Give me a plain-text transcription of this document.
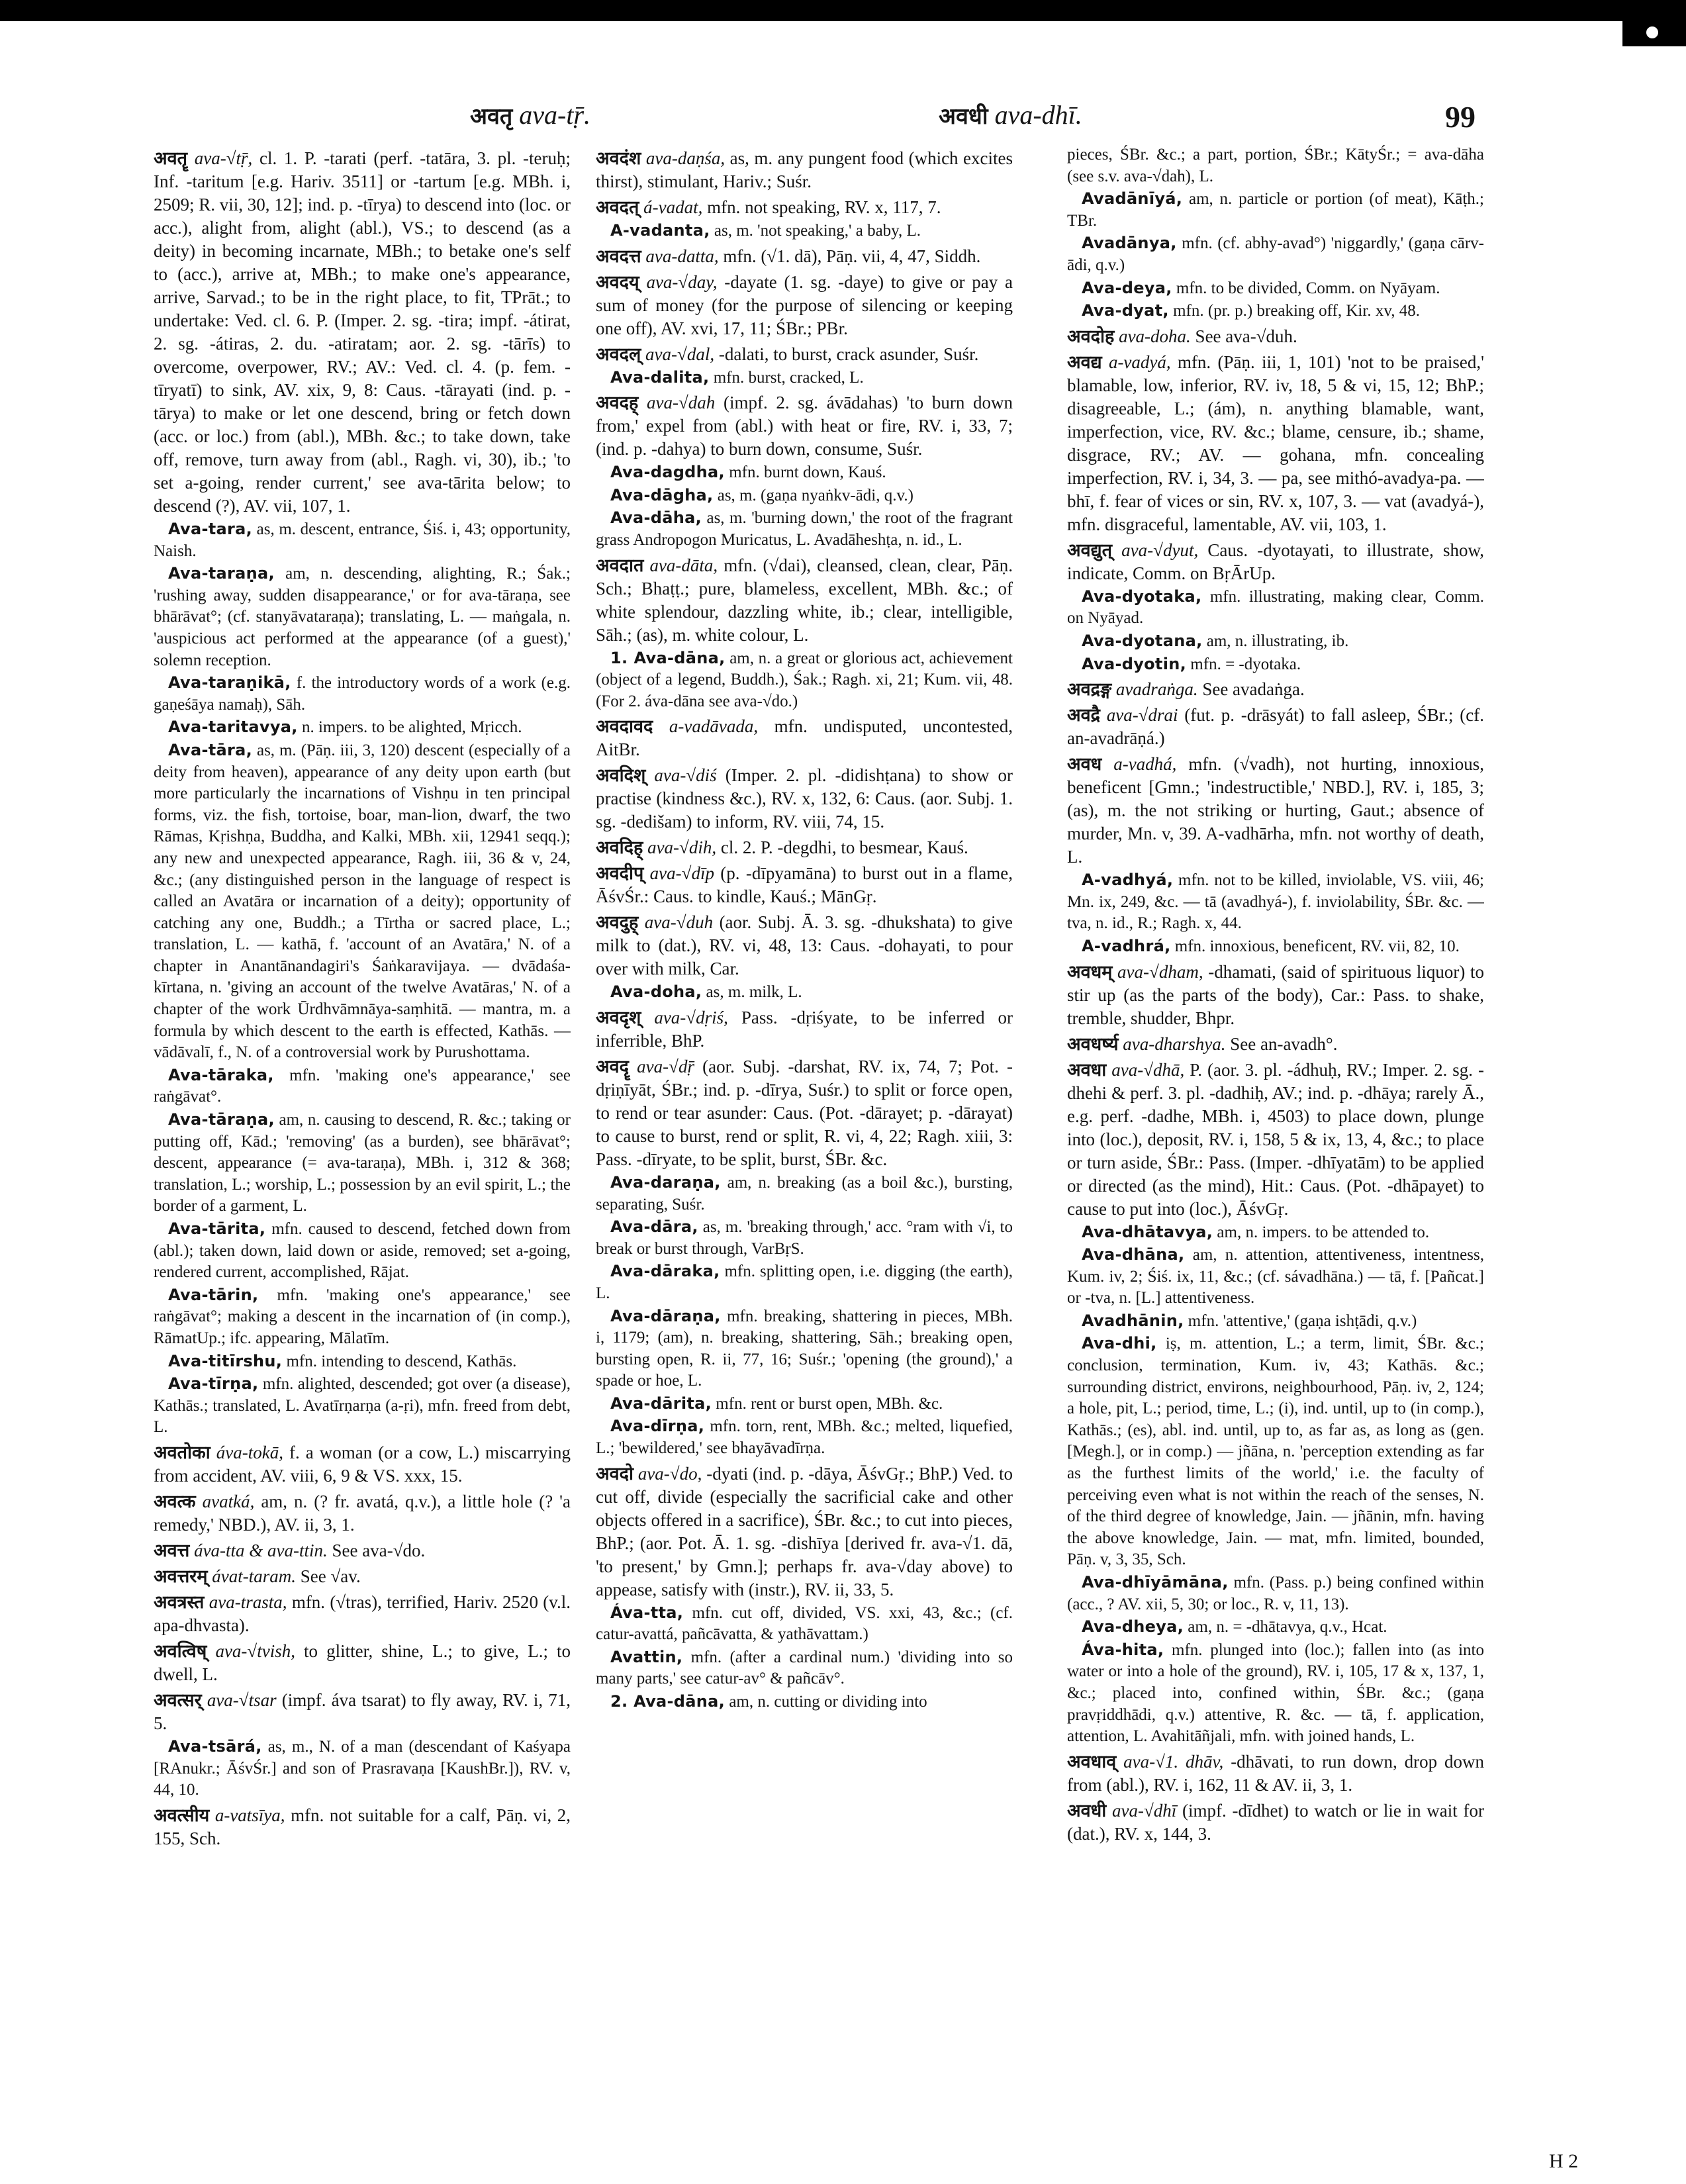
अवतृ ava-tṝ.	अवधी ava-dhī.	99

अवतॄ ava-√tṝ, cl. 1. P. -tarati (perf. -tatāra, 3. pl. -teruḥ; Inf. -taritum [e.g. Hariv. 3511] or -tartum [e.g. MBh. i, 2509; R. vii, 30, 12]; ind. p. -tīrya) to descend into (loc. or acc.), alight from, alight (abl.), VS.; to descend (as a deity) in becoming incarnate, MBh.; to betake one's self to (acc.), arrive at, MBh.; to make one's appearance, arrive, Sarvad.; to be in the right place, to fit, TPrāt.; to undertake: Ved. cl. 6. P. (Imper. 2. sg. -tira; impf. -átirat, 2. sg. -átiras, 2. du. -atiratam; aor. 2. sg. -tārīs) to overcome, overpower, RV.; AV.: Ved. cl. 4. (p. fem. -tīryatī) to sink, AV. xix, 9, 8: Caus. -tārayati (ind. p. -tārya) to make or let one descend, bring or fetch down (acc. or loc.) from (abl.), MBh. &c.; to take down, take off, remove, turn away from (abl., Ragh. vi, 30), ib.; 'to set a-going, render current,' see ava-tārita below; to descend (?), AV. vii, 107, 1.

Ava-tara, as, m. descent, entrance, Śiś. i, 43; opportunity, Naish.

Ava-taraṇa, am, n. descending, alighting, R.; Śak.; 'rushing away, sudden disappearance,' or for ava-tāraṇa, see bhārāvat°; (cf. stanyāvataraṇa); translating, L. — maṅgala, n. 'auspicious act performed at the appearance (of a guest),' solemn reception.

Ava-taraṇikā, f. the introductory words of a work (e.g. gaṇeśāya namaḥ), Sāh.

Ava-taritavya, n. impers. to be alighted, Mṛicch.

Ava-tāra, as, m. (Pāṇ. iii, 3, 120) descent (especially of a deity from heaven), appearance of any deity upon earth (but more particularly the incarnations of Vishṇu in ten principal forms, viz. the fish, tortoise, boar, man-lion, dwarf, the two Rāmas, Kṛishṇa, Buddha, and Kalki, MBh. xii, 12941 seqq.); any new and unexpected appearance, Ragh. iii, 36 & v, 24, &c.; (any distinguished person in the language of respect is called an Avatāra or incarnation of a deity); opportunity of catching any one, Buddh.; a Tīrtha or sacred place, L.; translation, L. — kathā, f. 'account of an Avatāra,' N. of a chapter in Anantānandagiri's Śaṅkaravijaya. — dvādaśa-kīrtana, n. 'giving an account of the twelve Avatāras,' N. of a chapter of the work Ūrdhvāmnāya-saṃhitā. — mantra, m. a formula by which descent to the earth is effected, Kathās. — vādāvalī, f., N. of a controversial work by Purushottama.

Ava-tāraka, mfn. 'making one's appearance,' see raṅgāvat°.

Ava-tāraṇa, am, n. causing to descend, R. &c.; taking or putting off, Kād.; 'removing' (as a burden), see bhārāvat°; descent, appearance (= ava-taraṇa), MBh. i, 312 & 368; translation, L.; worship, L.; possession by an evil spirit, L.; the border of a garment, L.

Ava-tārita, mfn. caused to descend, fetched down from (abl.); taken down, laid down or aside, removed; set a-going, rendered current, accomplished, Rājat.

Ava-tārin, mfn. 'making one's appearance,' see raṅgāvat°; making a descent in the incarnation of (in comp.), RāmatUp.; ifc. appearing, Mālatīm.

Ava-titīrshu, mfn. intending to descend, Kathās.

Ava-tīrṇa, mfn. alighted, descended; got over (a disease), Kathās.; translated, L. Avatīrṇarṇa (a-ṛi), mfn. freed from debt, L.

अवतोका áva-tokā, f. a woman (or a cow, L.) miscarrying from accident, AV. viii, 6, 9 & VS. xxx, 15.

अवत्क avatká, am, n. (? fr. avatá, q.v.), a little hole (? 'a remedy,' NBD.), AV. ii, 3, 1.

अवत्त áva-tta & ava-ttin. See ava-√do.

अवत्तरम् ávat-taram. See √av.

अवत्रस्त ava-trasta, mfn. (√tras), terrified, Hariv. 2520 (v.l. apa-dhvasta).

अवत्विष् ava-√tvish, to glitter, shine, L.; to give, L.; to dwell, L.

अवत्सर् ava-√tsar (impf. áva tsarat) to fly away, RV. i, 71, 5.

Ava-tsārá, as, m., N. of a man (descendant of Kaśyapa [RAnukr.; ĀśvŚr.] and son of Prasravaṇa [KaushBr.]), RV. v, 44, 10.

अवत्सीय a-vatsīya, mfn. not suitable for a calf, Pāṇ. vi, 2, 155, Sch.

अवदंश ava-daṇśa, as, m. any pungent food (which excites thirst), stimulant, Hariv.; Suśr.

अवदत् á-vadat, mfn. not speaking, RV. x, 117, 7.

A-vadanta, as, m. 'not speaking,' a baby, L.

अवदत्त ava-datta, mfn. (√1. dā), Pāṇ. vii, 4, 47, Siddh.

अवदय् ava-√day, -dayate (1. sg. -daye) to give or pay a sum of money (for the purpose of silencing or keeping one off), AV. xvi, 17, 11; ŚBr.; PBr.

अवदल् ava-√dal, -dalati, to burst, crack asunder, Suśr.

Ava-dalita, mfn. burst, cracked, L.

अवदह् ava-√dah (impf. 2. sg. ávādahas) 'to burn down from,' expel from (abl.) with heat or fire, RV. i, 33, 7; (ind. p. -dahya) to burn down, consume, Suśr.

Ava-dagdha, mfn. burnt down, Kauś.

Ava-dāgha, as, m. (gaṇa nyaṅkv-ādi, q.v.)

Ava-dāha, as, m. 'burning down,' the root of the fragrant grass Andropogon Muricatus, L. Avadāheshṭa, n. id., L.

अवदात ava-dāta, mfn. (√dai), cleansed, clean, clear, Pāṇ. Sch.; Bhaṭṭ.; pure, blameless, excellent, MBh. &c.; of white splendour, dazzling white, ib.; clear, intelligible, Sāh.; (as), m. white colour, L.

1. Ava-dāna, am, n. a great or glorious act, achievement (object of a legend, Buddh.), Śak.; Ragh. xi, 21; Kum. vii, 48. (For 2. áva-dāna see ava-√do.)

अवदावद a-vadāvada, mfn. undisputed, uncontested, AitBr.

अवदिश् ava-√diś (Imper. 2. pl. -didishṭana) to show or practise (kindness &c.), RV. x, 132, 6: Caus. (aor. Subj. 1. sg. -dedišam) to inform, RV. viii, 74, 15.

अवदिह् ava-√dih, cl. 2. P. -degdhi, to besmear, Kauś.

अवदीप् ava-√dīp (p. -dīpyamāna) to burst out in a flame, ĀśvŚr.: Caus. to kindle, Kauś.; MānGṛ.

अवदुह् ava-√duh (aor. Subj. Ā. 3. sg. -dhukshata) to give milk to (dat.), RV. vi, 48, 13: Caus. -dohayati, to pour over with milk, Car.

Ava-doha, as, m. milk, L.

अवदृश् ava-√dṛiś, Pass. -dṛiśyate, to be inferred or inferrible, BhP.

अवदॄ ava-√dṝ (aor. Subj. -darshat, RV. ix, 74, 7; Pot. -dṛiṇīyāt, ŚBr.; ind. p. -dīrya, Suśr.) to split or force open, to rend or tear asunder: Caus. (Pot. -dārayet; p. -dārayat) to cause to burst, rend or split, R. vi, 4, 22; Ragh. xiii, 3: Pass. -dīryate, to be split, burst, ŚBr. &c.

Ava-daraṇa, am, n. breaking (as a boil &c.), bursting, separating, Suśr.

Ava-dāra, as, m. 'breaking through,' acc. °ram with √i, to break or burst through, VarBṛS.

Ava-dāraka, mfn. splitting open, i.e. digging (the earth), L.

Ava-dāraṇa, mfn. breaking, shattering in pieces, MBh. i, 1179; (am), n. breaking, shattering, Sāh.; breaking open, bursting open, R. ii, 77, 16; Suśr.; 'opening (the ground),' a spade or hoe, L.

Ava-dārita, mfn. rent or burst open, MBh. &c.

Ava-dīrṇa, mfn. torn, rent, MBh. &c.; melted, liquefied, L.; 'bewildered,' see bhayāvadīrṇa.

अवदो ava-√do, -dyati (ind. p. -dāya, ĀśvGṛ.; BhP.) Ved. to cut off, divide (especially the sacrificial cake and other objects offered in a sacrifice), ŚBr. &c.; to cut into pieces, BhP.; (aor. Pot. Ā. 1. sg. -dishīya [derived fr. ava-√1. dā, 'to present,' by Gmn.]; perhaps fr. ava-√day above) to appease, satisfy with (instr.), RV. ii, 33, 5.

Áva-tta, mfn. cut off, divided, VS. xxi, 43, &c.; (cf. catur-avattá, pañcāvatta, & yathāvattam.)

Avattin, mfn. (after a cardinal num.) 'dividing into so many parts,' see catur-av° & pañcāv°.

2. Ava-dāna, am, n. cutting or dividing into

pieces, ŚBr. &c.; a part, portion, ŚBr.; KātyŚr.; = ava-dāha (see s.v. ava-√dah), L.

Avadānīyá, am, n. particle or portion (of meat), Kāṭh.; TBr.

Avadānya, mfn. (cf. abhy-avad°) 'niggardly,' (gaṇa cārv-ādi, q.v.)

Ava-deya, mfn. to be divided, Comm. on Nyāyam.

Ava-dyat, mfn. (pr. p.) breaking off, Kir. xv, 48.

अवदोह ava-doha. See ava-√duh.

अवद्य a-vadyá, mfn. (Pāṇ. iii, 1, 101) 'not to be praised,' blamable, low, inferior, RV. iv, 18, 5 & vi, 15, 12; BhP.; disagreeable, L.; (ám), n. anything blamable, want, imperfection, vice, RV. &c.; blame, censure, ib.; shame, disgrace, RV.; AV. — gohana, mfn. concealing imperfection, RV. i, 34, 3. — pa, see mithó-avadya-pa. — bhī, f. fear of vices or sin, RV. x, 107, 3. — vat (avadyá-), mfn. disgraceful, lamentable, AV. vii, 103, 1.

अवद्युत् ava-√dyut, Caus. -dyotayati, to illustrate, show, indicate, Comm. on BṛĀrUp.

Ava-dyotaka, mfn. illustrating, making clear, Comm. on Nyāyad.

Ava-dyotana, am, n. illustrating, ib.

Ava-dyotin, mfn. = -dyotaka.

अवद्रङ्ग avadraṅga. See avadaṅga.

अवद्रै ava-√drai (fut. p. -drāsyát) to fall asleep, ŚBr.; (cf. an-avadrāṇá.)

अवध a-vadhá, mfn. (√vadh), not hurting, innoxious, beneficent [Gmn.; 'indestructible,' NBD.], RV. i, 185, 3; (as), m. the not striking or hurting, Gaut.; absence of murder, Mn. v, 39. A-vadhārha, mfn. not worthy of death, L.

A-vadhyá, mfn. not to be killed, inviolable, VS. viii, 46; Mn. ix, 249, &c. — tā (avadhyá-), f. inviolability, ŚBr. &c. — tva, n. id., R.; Ragh. x, 44.

A-vadhrá, mfn. innoxious, beneficent, RV. vii, 82, 10.

अवधम् ava-√dham, -dhamati, (said of spirituous liquor) to stir up (as the parts of the body), Car.: Pass. to shake, tremble, shudder, Bhpr.

अवधर्ष्य ava-dharshya. See an-avadh°.

अवधा ava-√dhā, P. (aor. 3. pl. -ádhuḥ, RV.; Imper. 2. sg. -dhehi & perf. 3. pl. -dadhiḥ, AV.; ind. p. -dhāya; rarely Ā., e.g. perf. -dadhe, MBh. i, 4503) to place down, plunge into (loc.), deposit, RV. i, 158, 5 & ix, 13, 4, &c.; to place or turn aside, ŚBr.: Pass. (Imper. -dhīyatām) to be applied or directed (as the mind), Hit.: Caus. (Pot. -dhāpayet) to cause to put into (loc.), ĀśvGṛ.

Ava-dhātavya, am, n. impers. to be attended to.

Ava-dhāna, am, n. attention, attentiveness, intentness, Kum. iv, 2; Śiś. ix, 11, &c.; (cf. sávadhāna.) — tā, f. [Pañcat.] or -tva, n. [L.] attentiveness.

Avadhānin, mfn. 'attentive,' (gaṇa ishṭādi, q.v.)

Ava-dhi, iṣ, m. attention, L.; a term, limit, ŚBr. &c.; conclusion, termination, Kum. iv, 43; Kathās. &c.; surrounding district, environs, neighbourhood, Pāṇ. iv, 2, 124; a hole, pit, L.; period, time, L.; (i), ind. until, up to (in comp.), Kathās.; (es), abl. ind. until, up to, as far as, as long as (gen. [Megh.], or in comp.) — jñāna, n. 'perception extending as far as the furthest limits of the world,' i.e. the faculty of perceiving even what is not within the reach of the senses, N. of the third degree of knowledge, Jain. — jñānin, mfn. having the above knowledge, Jain. — mat, mfn. limited, bounded, Pāṇ. v, 3, 35, Sch.

Ava-dhīyāmāna, mfn. (Pass. p.) being confined within (acc., ? AV. xii, 5, 30; or loc., R. v, 11, 13).

Ava-dheya, am, n. = -dhātavya, q.v., Hcat.

Áva-hita, mfn. plunged into (loc.); fallen into (as into water or into a hole of the ground), RV. i, 105, 17 & x, 137, 1, &c.; placed into, confined within, ŚBr. &c.; (gaṇa pravṛiddhādi, q.v.) attentive, R. &c. — tā, f. application, attention, L. Avahitāñjali, mfn. with joined hands, L.

अवधाव् ava-√1. dhāv, -dhāvati, to run down, drop down from (abl.), RV. i, 162, 11 & AV. ii, 3, 1.

अवधी ava-√dhī (impf. -dīdhet) to watch or lie in wait for (dat.), RV. x, 144, 3.

H 2
